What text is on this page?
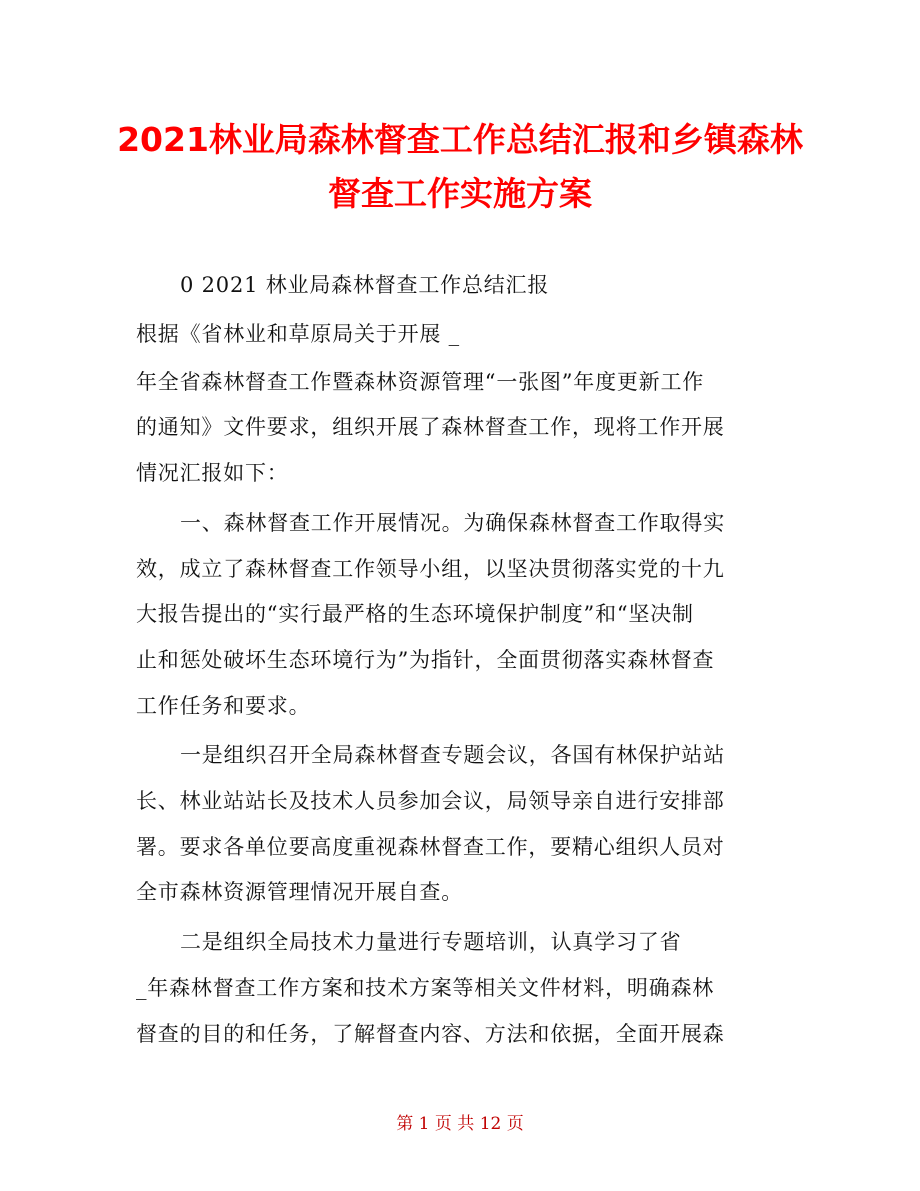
2021林业局森林督查工作总结汇报和乡镇森林
督查工作实施方案

0 2021 林业局森林督查工作总结汇报

根据《省林业和草原局关于开展 _

年全省森林督查工作暨森林资源管理“一张图”年度更新工作

的通知》文件要求，组织开展了森林督查工作，现将工作开展

情况汇报如下：

一、森林督查工作开展情况。为确保森林督查工作取得实

效，成立了森林督查工作领导小组，以坚决贯彻落实党的十九

大报告提出的“实行最严格的生态环境保护制度”和“坚决制

止和惩处破坏生态环境行为”为指针，全面贯彻落实森林督查

工作任务和要求。

一是组织召开全局森林督查专题会议，各国有林保护站站

长、林业站站长及技术人员参加会议，局领导亲自进行安排部

署。要求各单位要高度重视森林督查工作，要精心组织人员对

全市森林资源管理情况开展自查。

二是组织全局技术力量进行专题培训，认真学习了省

_年森林督查工作方案和技术方案等相关文件材料，明确森林

督查的目的和任务，了解督查内容、方法和依据，全面开展森

第 1 页 共 12 页
